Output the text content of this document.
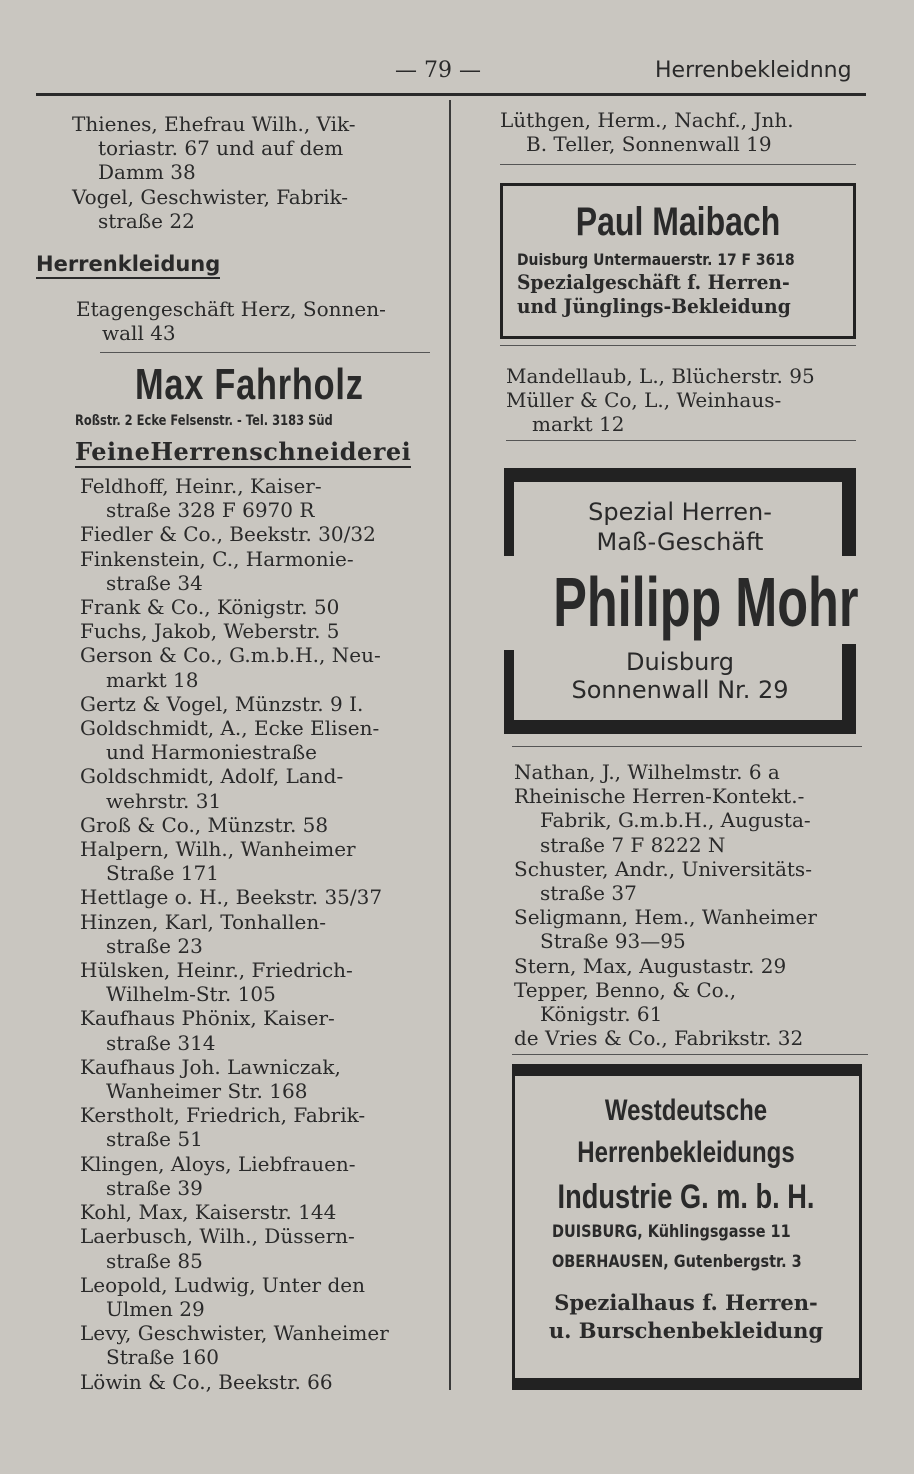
— 79 —	Herrenbekleidnng
Thienes, Ehefrau Wilh., Vik-
toriastr. 67 und auf dem
Damm 38
Vogel, Geschwister, Fabrik-
straße 22
Herrenkleidung
Etagengeschäft Herz, Sonnen-
wall 43
Max Fahrholz
Roßstr. 2 Ecke Felsenstr. - Tel. 3183 Süd
FeineHerrenschneiderei
Feldhoff, Heinr., Kaiser-
straße 328 F 6970 R
Fiedler & Co., Beekstr. 30/32
Finkenstein, C., Harmonie-
straße 34
Frank & Co., Königstr. 50
Fuchs, Jakob, Weberstr. 5
Gerson & Co., G.m.b.H., Neu-
markt 18
Gertz & Vogel, Münzstr. 9 I.
Goldschmidt, A., Ecke Elisen-
und Harmoniestraße
Goldschmidt, Adolf, Land-
wehrstr. 31
Groß & Co., Münzstr. 58
Halpern, Wilh., Wanheimer
Straße 171
Hettlage o. H., Beekstr. 35/37
Hinzen, Karl, Tonhallen-
straße 23
Hülsken, Heinr., Friedrich-
Wilhelm-Str. 105
Kaufhaus Phönix, Kaiser-
straße 314
Kaufhaus Joh. Lawniczak,
Wanheimer Str. 168
Kerstholt, Friedrich, Fabrik-
straße 51
Klingen, Aloys, Liebfrauen-
straße 39
Kohl, Max, Kaiserstr. 144
Laerbusch, Wilh., Düssern-
straße 85
Leopold, Ludwig, Unter den
Ulmen 29
Levy, Geschwister, Wanheimer
Straße 160
Löwin & Co., Beekstr. 66
Lüthgen, Herm., Nachf., Jnh.
B. Teller, Sonnenwall 19
Paul Maibach
Duisburg Untermauerstr. 17 F 3618
Spezialgeschäft f. Herren-
und Jünglings-Bekleidung
Mandellaub, L., Blücherstr. 95
Müller & Co, L., Weinhaus-
markt 12
Spezial Herren-
Maß-Geschäft
Philipp Mohr
Duisburg
Sonnenwall Nr. 29
Nathan, J., Wilhelmstr. 6 a
Rheinische Herren-Kontekt.-
Fabrik, G.m.b.H., Augusta-
straße 7 F 8222 N
Schuster, Andr., Universitäts-
straße 37
Seligmann, Hem., Wanheimer
Straße 93—95
Stern, Max, Augustastr. 29
Tepper, Benno, & Co.,
Königstr. 61
de Vries & Co., Fabrikstr. 32
Westdeutsche
Herrenbekleidungs
Industrie G. m. b. H.
DUISBURG, Kühlingsgasse 11
OBERHAUSEN, Gutenbergstr. 3
Spezialhaus f. Herren-
u. Burschenbekleidung
